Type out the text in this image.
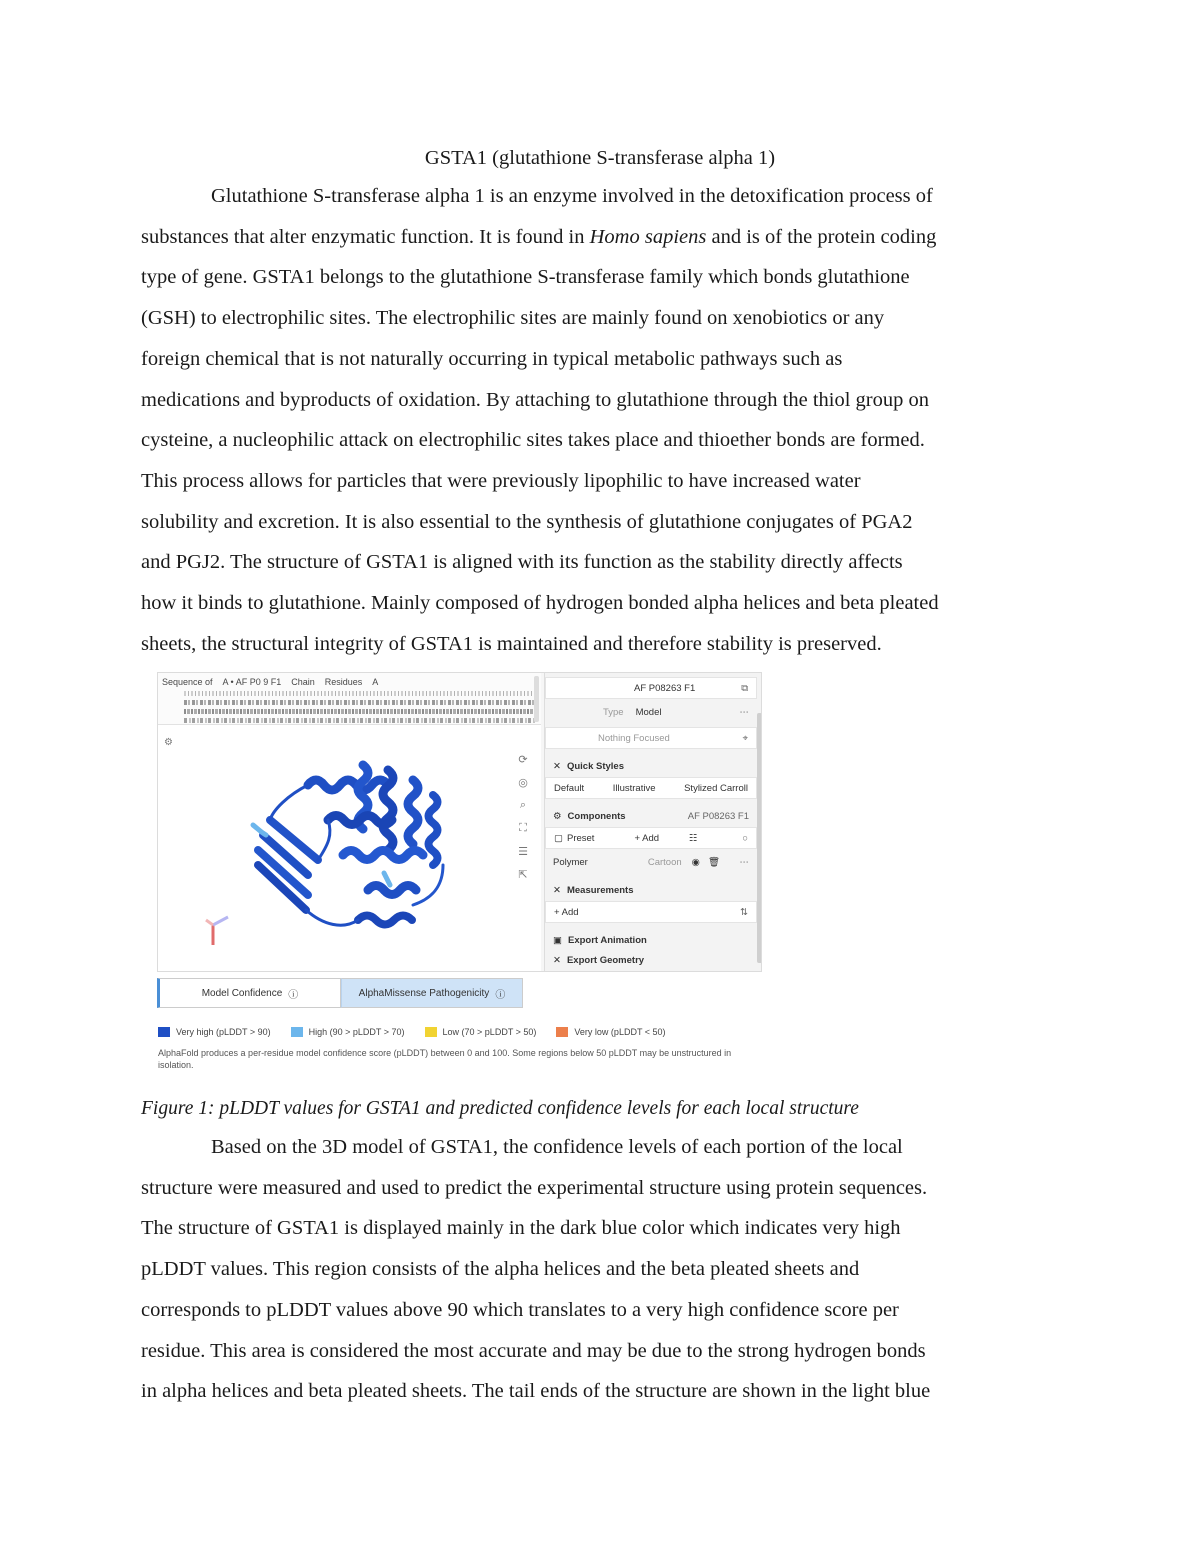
GSTA1 (glutathione S-transferase alpha 1)
Glutathione S-transferase alpha 1 is an enzyme involved in the detoxification process of
substances that alter enzymatic function. It is found in Homo sapiens and is of the protein coding
type of gene. GSTA1 belongs to the glutathione S-transferase family which bonds glutathione
(GSH) to electrophilic sites. The electrophilic sites are mainly found on xenobiotics or any
foreign chemical that is not naturally occurring in typical metabolic pathways such as
medications and byproducts of oxidation. By attaching to glutathione through the thiol group on
cysteine, a nucleophilic attack on electrophilic sites takes place and thioether bonds are formed.
This process allows for particles that were previously lipophilic to have increased water
solubility and excretion. It is also essential to the synthesis of glutathione conjugates of PGA2
and PGJ2. The structure of GSTA1 is aligned with its function as the stability directly affects
how it binds to glutathione. Mainly composed of hydrogen bonded alpha helices and beta pleated
sheets, the structural integrity of GSTA1 is maintained and therefore stability is preserved.
Sequence of A • AF P0 9 F1 Chain Residues A
⚙
⟳
◎
⌕
⛶
☰
⇱
AF P08263 F1	⧉
Type Model	⋯
Nothing Focused	⌖
✕ Quick Styles
Default	Illustrative	Stylized Carroll
⚙ Components	AF P08263 F1
▢ Preset	+ Add	☷	○
Polymer	Cartoon ◉ 🗑 ⋯
✕ Measurements
+ Add	⇅
▣ Export Animation
✕ Export Geometry
Model Confidence ⓘ	AlphaMissense Pathogenicity ⓘ
Very high (pLDDT > 90)	High (90 > pLDDT > 70)	Low (70 > pLDDT > 50)	Very low (pLDDT < 50)
AlphaFold produces a per-residue model confidence score (pLDDT) between 0 and 100. Some regions below 50 pLDDT may be unstructured in isolation.
Figure 1: pLDDT values for GSTA1 and predicted confidence levels for each local structure
Based on the 3D model of GSTA1, the confidence levels of each portion of the local
structure were measured and used to predict the experimental structure using protein sequences.
The structure of GSTA1 is displayed mainly in the dark blue color which indicates very high
pLDDT values. This region consists of the alpha helices and the beta pleated sheets and
corresponds to pLDDT values above 90 which translates to a very high confidence score per
residue. This area is considered the most accurate and may be due to the strong hydrogen bonds
in alpha helices and beta pleated sheets. The tail ends of the structure are shown in the light blue
